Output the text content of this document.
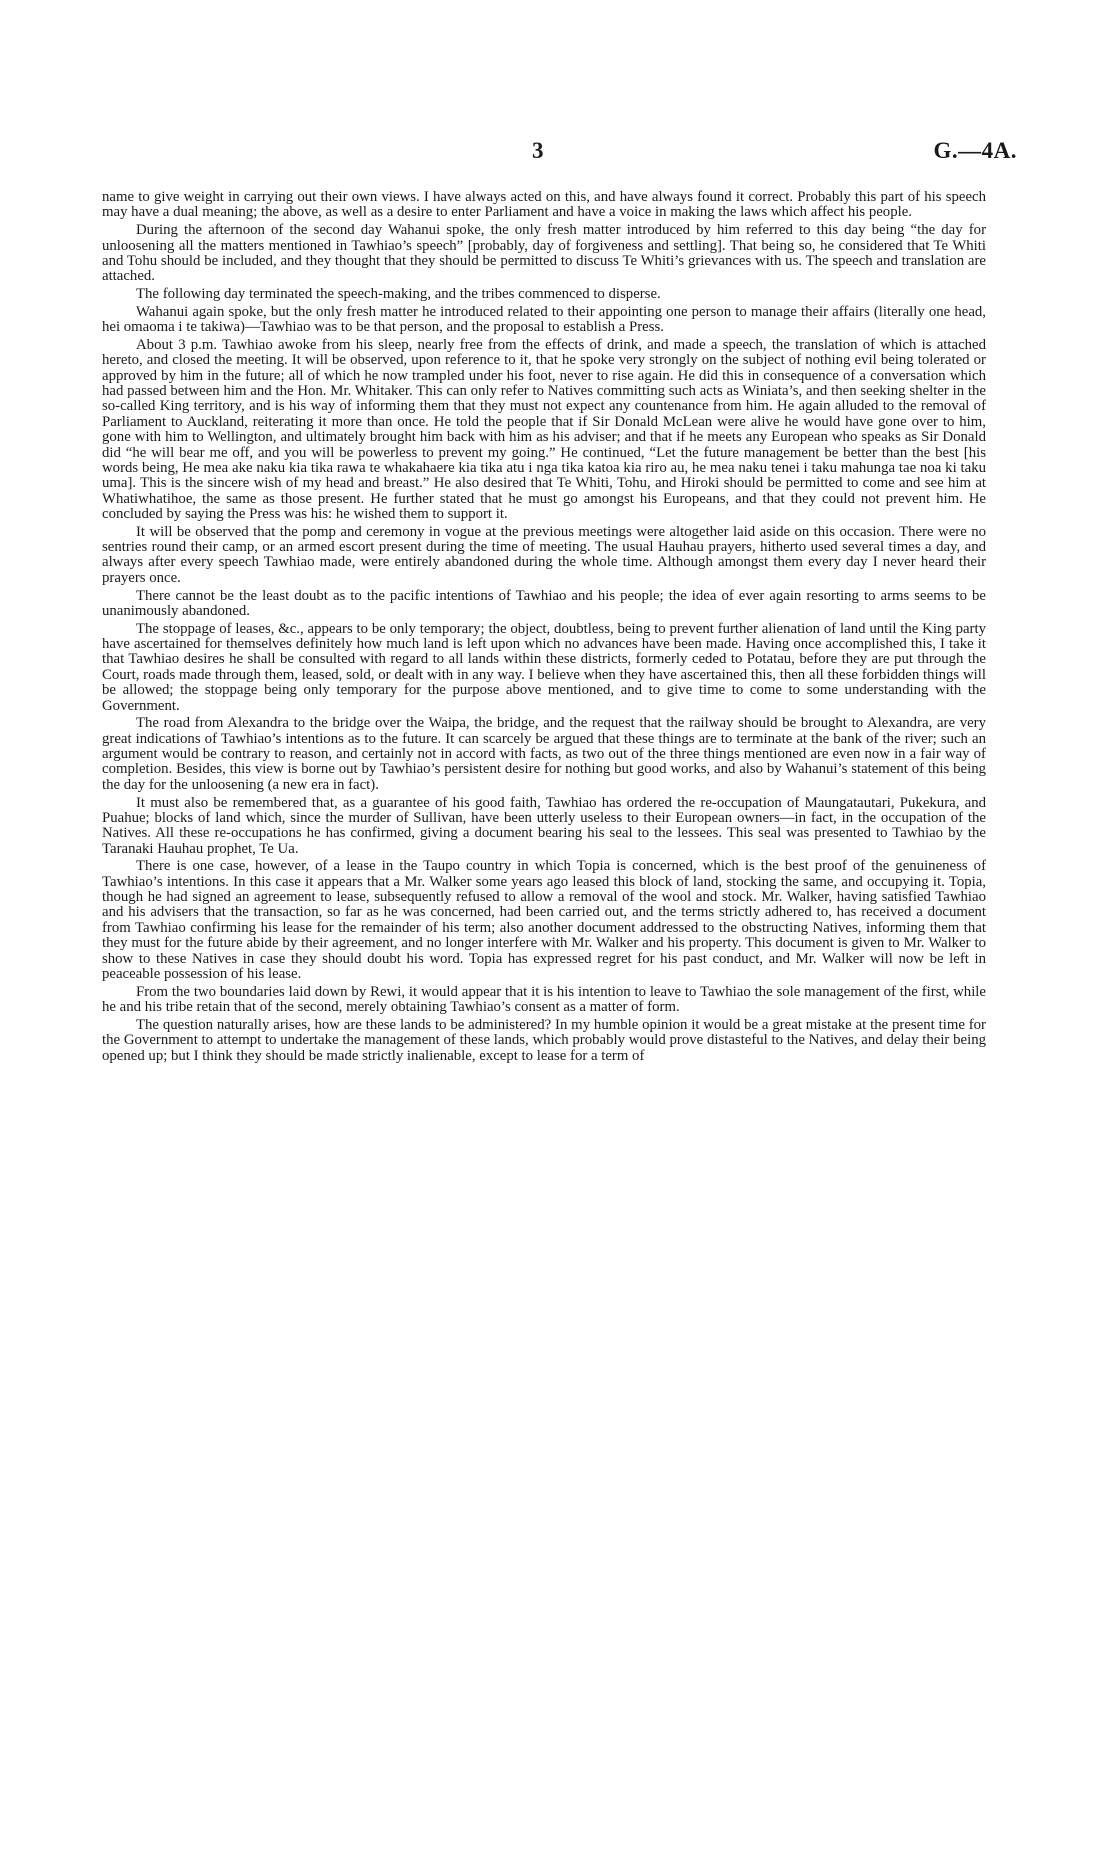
3	G.—4A.

name to give weight in carrying out their own views. I have always acted on this, and have always found it correct. Probably this part of his speech may have a dual meaning; the above, as well as a desire to enter Parliament and have a voice in making the laws which affect his people.

During the afternoon of the second day Wahanui spoke, the only fresh matter introduced by him referred to this day being “the day for unloosening all the matters mentioned in Tawhiao’s speech” [probably, day of forgiveness and settling]. That being so, he considered that Te Whiti and Tohu should be included, and they thought that they should be permitted to discuss Te Whiti’s grievances with us. The speech and translation are attached.

The following day terminated the speech-making, and the tribes commenced to disperse.

Wahanui again spoke, but the only fresh matter he introduced related to their appointing one person to manage their affairs (literally one head, hei omaoma i te takiwa)—Tawhiao was to be that person, and the proposal to establish a Press.

About 3 p.m. Tawhiao awoke from his sleep, nearly free from the effects of drink, and made a speech, the translation of which is attached hereto, and closed the meeting. It will be observed, upon reference to it, that he spoke very strongly on the subject of nothing evil being tolerated or approved by him in the future; all of which he now trampled under his foot, never to rise again. He did this in consequence of a conversation which had passed between him and the Hon. Mr. Whitaker. This can only refer to Natives committing such acts as Winiata’s, and then seeking shelter in the so-called King territory, and is his way of informing them that they must not expect any countenance from him. He again alluded to the removal of Parliament to Auckland, reiterating it more than once. He told the people that if Sir Donald McLean were alive he would have gone over to him, gone with him to Wellington, and ultimately brought him back with him as his adviser; and that if he meets any European who speaks as Sir Donald did “he will bear me off, and you will be powerless to prevent my going.” He continued, “Let the future management be better than the best [his words being, He mea ake naku kia tika rawa te whakahaere kia tika atu i nga tika katoa kia riro au, he mea naku tenei i taku mahunga tae noa ki taku uma]. This is the sincere wish of my head and breast.” He also desired that Te Whiti, Tohu, and Hiroki should be permitted to come and see him at Whatiwhatihoe, the same as those present. He further stated that he must go amongst his Europeans, and that they could not prevent him. He concluded by saying the Press was his: he wished them to support it.

It will be observed that the pomp and ceremony in vogue at the previous meetings were altogether laid aside on this occasion. There were no sentries round their camp, or an armed escort present during the time of meeting. The usual Hauhau prayers, hitherto used several times a day, and always after every speech Tawhiao made, were entirely abandoned during the whole time. Although amongst them every day I never heard their prayers once.

There cannot be the least doubt as to the pacific intentions of Tawhiao and his people; the idea of ever again resorting to arms seems to be unanimously abandoned.

The stoppage of leases, &c., appears to be only temporary; the object, doubtless, being to prevent further alienation of land until the King party have ascertained for themselves definitely how much land is left upon which no advances have been made. Having once accomplished this, I take it that Tawhiao desires he shall be consulted with regard to all lands within these districts, formerly ceded to Potatau, before they are put through the Court, roads made through them, leased, sold, or dealt with in any way. I believe when they have ascertained this, then all these forbidden things will be allowed; the stoppage being only temporary for the purpose above mentioned, and to give time to come to some understanding with the Government.

The road from Alexandra to the bridge over the Waipa, the bridge, and the request that the railway should be brought to Alexandra, are very great indications of Tawhiao’s intentions as to the future. It can scarcely be argued that these things are to terminate at the bank of the river; such an argument would be contrary to reason, and certainly not in accord with facts, as two out of the three things mentioned are even now in a fair way of completion. Besides, this view is borne out by Tawhiao’s persistent desire for nothing but good works, and also by Wahanui’s statement of this being the day for the unloosening (a new era in fact).

It must also be remembered that, as a guarantee of his good faith, Tawhiao has ordered the re-occupation of Maungatautari, Pukekura, and Puahue; blocks of land which, since the murder of Sullivan, have been utterly useless to their European owners—in fact, in the occupation of the Natives. All these re-occupations he has confirmed, giving a document bearing his seal to the lessees. This seal was presented to Tawhiao by the Taranaki Hauhau prophet, Te Ua.

There is one case, however, of a lease in the Taupo country in which Topia is concerned, which is the best proof of the genuineness of Tawhiao’s intentions. In this case it appears that a Mr. Walker some years ago leased this block of land, stocking the same, and occupying it. Topia, though he had signed an agreement to lease, subsequently refused to allow a removal of the wool and stock. Mr. Walker, having satisfied Tawhiao and his advisers that the transaction, so far as he was concerned, had been carried out, and the terms strictly adhered to, has received a document from Tawhiao confirming his lease for the remainder of his term; also another document addressed to the obstructing Natives, informing them that they must for the future abide by their agreement, and no longer interfere with Mr. Walker and his property. This document is given to Mr. Walker to show to these Natives in case they should doubt his word. Topia has expressed regret for his past conduct, and Mr. Walker will now be left in peaceable possession of his lease.

From the two boundaries laid down by Rewi, it would appear that it is his intention to leave to Tawhiao the sole management of the first, while he and his tribe retain that of the second, merely obtaining Tawhiao’s consent as a matter of form.

The question naturally arises, how are these lands to be administered? In my humble opinion it would be a great mistake at the present time for the Government to attempt to undertake the management of these lands, which probably would prove distasteful to the Natives, and delay their being opened up; but I think they should be made strictly inalienable, except to lease for a term of
